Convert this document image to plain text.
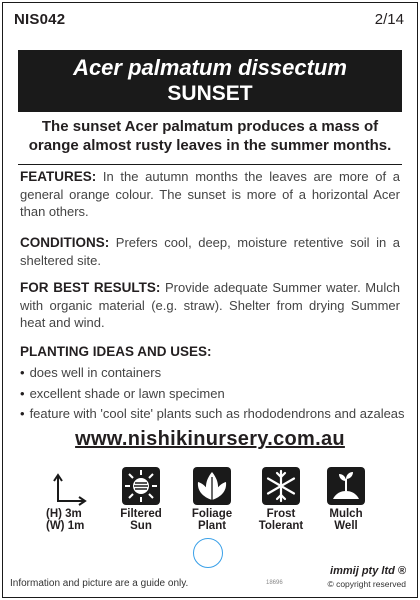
NIS042	2/14
Acer palmatum dissectum
SUNSET

The sunset Acer palmatum produces a mass of orange almost rusty leaves in the summer months.

FEATURES: In the autumn months the leaves are more of a general orange colour. The sunset is more of a horizontal Acer than others.

CONDITIONS: Prefers cool, deep, moisture retentive soil in a sheltered site.

FOR BEST RESULTS: Provide adequate Summer water. Mulch with organic material (e.g. straw). Shelter from drying Summer heat and wind.

PLANTING IDEAS AND USES:
• does well in containers
• excellent shade or lawn specimen
• feature with 'cool site' plants such as rhododendrons and azaleas
www.nishikinursery.com.au
(H) 3m
(W) 1m
Filtered
Sun
Foliage
Plant
Frost
Tolerant
Mulch
Well
Information and picture are a guide only.	18696
immij pty ltd ®
© copyright reserved
